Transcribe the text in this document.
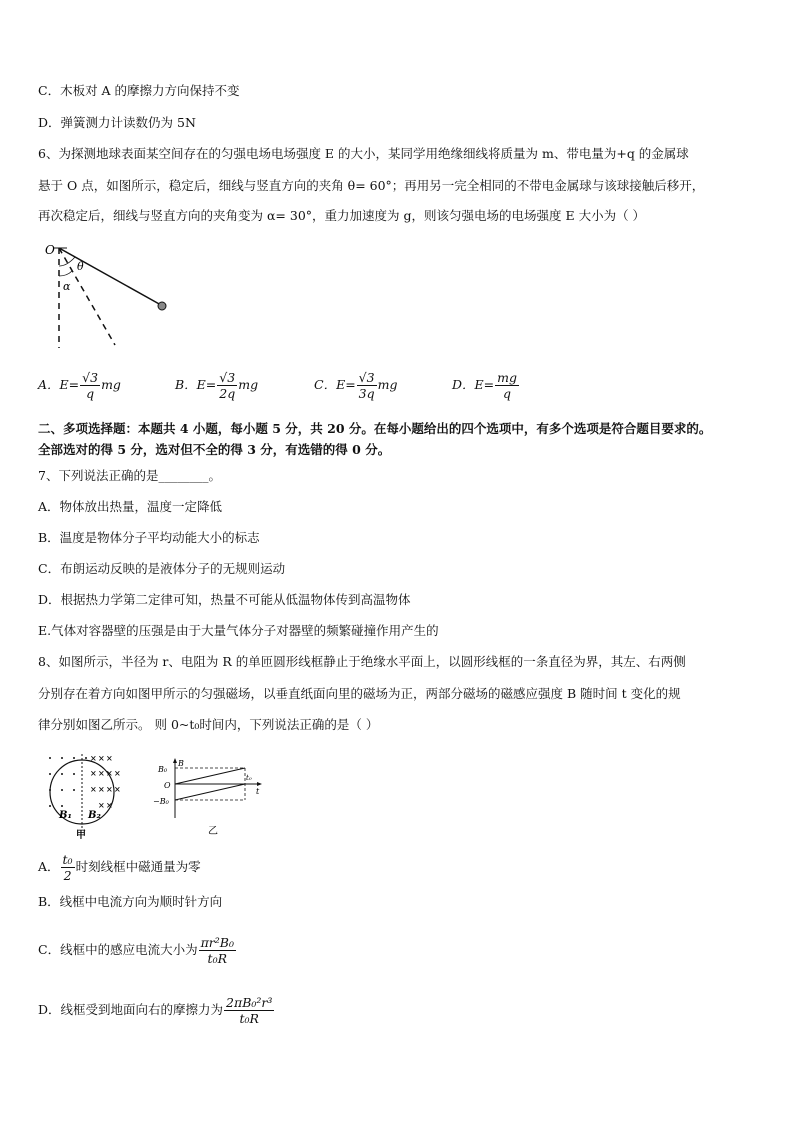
C．木板对 A 的摩擦力方向保持不变
D．弹簧测力计读数仍为 5N
6、为探测地球表面某空间存在的匀强电场电场强度 E 的大小，某同学用绝缘细线将质量为 m、带电量为+q 的金属球
悬于 O 点，如图所示，稳定后，细线与竖直方向的夹角 θ= 60°；再用另一完全相同的不带电金属球与该球接触后移开，
再次稳定后，细线与竖直方向的夹角变为 α= 30°，重力加速度为 g，则该匀强电场的电场强度 E 大小为（ ）
O
θ
α
A．$E= \frac{√3}{q}$ mg	B．$E= \frac{√3}{2q}$ mg	C．$E= \frac{√3}{3q}$ mg	D．$E= \frac{mg}{q}$
二、多项选择题：本题共 4 小题，每小题 5 分，共 20 分。在每小题给出的四个选项中，有多个选项是符合题目要求的。
全部选对的得 5 分，选对但不全的得 3 分，有选错的得 0 分。
7、下列说法正确的是________。
A．物体放出热量，温度一定降低
B．温度是物体分子平均动能大小的标志
C．布朗运动反映的是液体分子的无规则运动
D．根据热力学第二定律可知，热量不可能从低温物体传到高温物体
E.气体对容器壁的压强是由于大量气体分子对器壁的频繁碰撞作用产生的
8、如图所示，半径为 r、电阻为 R 的单匝圆形线框静止于绝缘水平面上，以圆形线框的一条直径为界，其左、右两侧
分别存在着方向如图甲所示的匀强磁场，以垂直纸面向里的磁场为正，两部分磁场的磁感应强度 B 随时间 t 变化的规
律分别如图乙所示。 则 0~t₀时间内，下列说法正确的是（ ）
× × ×
× × × ×
× × × ×
× ×
B₁ B₂
甲
B
B₀
O
−B₀
t₀
t
乙
A． $\frac{\text{t₀}}{2}$ 时刻线框中磁通量为零
B．线框中电流方向为顺时针方向
C．线框中的感应电流大小为 $\frac{\text{πr²B₀}}{\text{t₀R}}$
D．线框受到地面向右的摩擦力为 $\frac{\text{2πB₀²r³}}{\text{t₀R}}$
